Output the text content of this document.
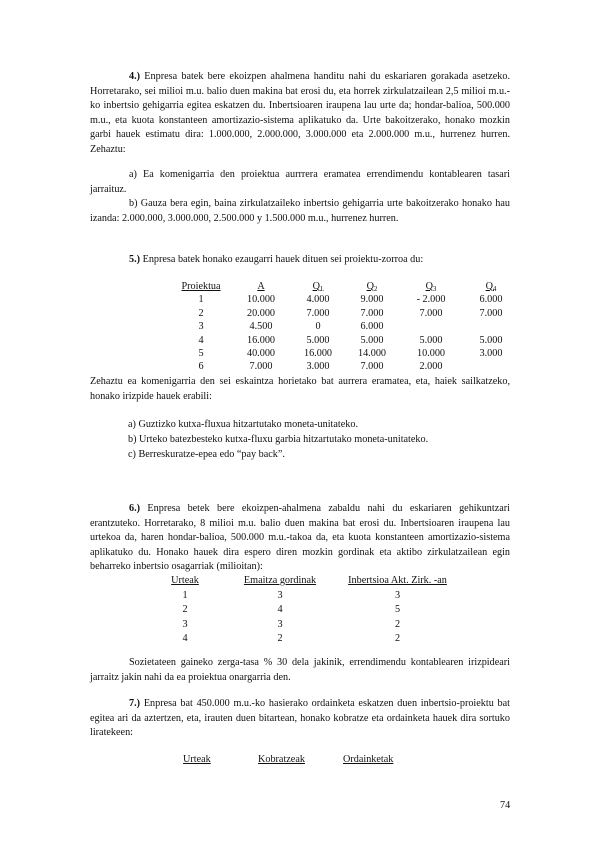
4.) Enpresa batek bere ekoizpen ahalmena handitu nahi du eskariaren gorakada asetzeko. Horretarako, sei milioi m.u. balio duen makina bat erosi du, eta horrek zirkulatzailean 2,5 milioi m.u.-ko inbertsio gehigarria egitea eskatzen du. Inbertsioaren iraupena lau urte da; hondar-balioa, 500.000 m.u., eta kuota konstanteen amortizazio-sistema aplikatuko da. Urte bakoitzerako, honako mozkin garbi hauek estimatu dira: 1.000.000, 2.000.000, 3.000.000 eta 2.000.000 m.u., hurrenez hurren. Zehaztu:

a) Ea komenigarria den proiektua aurrrera eramatea errendimendu kontablearen tasari jarraituz.

b) Gauza bera egin, baina zirkulatzaileko inbertsio gehigarria urte bakoitzerako honako hau izanda: 2.000.000, 3.000.000, 2.500.000 y 1.500.000 m.u., hurrenez hurren.

5.) Enpresa batek honako ezaugarri hauek dituen sei proiektu-zorroa du:

Proiektua	A	$Q_1$	$Q_2$	$Q_3$	$Q_4$
1	10.000	4.000	9.000	- 2.000	6.000
2	20.000	7.000	7.000	7.000	7.000
3	4.500	0	6.000		
4	16.000	5.000	5.000	5.000	5.000
5	40.000	16.000	14.000	10.000	3.000
6	7.000	3.000	7.000	2.000	

Zehaztu ea komenigarria den sei eskaintza horietako bat aurrera eramatea, eta, haiek sailkatzeko, honako irizpide hauek erabili:

a) Guztizko kutxa-fluxua hitzartutako moneta-unitateko.

b) Urteko batezbesteko kutxa-fluxu garbia hitzartutako moneta-unitateko.

c) Berreskuratze-epea edo “pay back”.

6.) Enpresa betek bere ekoizpen-ahalmena zabaldu nahi du eskariaren gehikuntzari erantzuteko. Horretarako, 8 milioi m.u. balio duen makina bat erosi du. Inbertsioaren iraupena lau urtekoa da, haren hondar-balioa, 500.000 m.u.-takoa da, eta kuota konstanteen amortizazio-sistema aplikatuko du. Honako hauek dira espero diren mozkin gordinak eta aktibo zirkulatzailean egin beharreko inbertsio osagarriak (milioitan):

Urteak	Emaitza gordinak	Inbertsioa Akt. Zirk. -an
1	3	3
2	4	5
3	3	2
4	2	2

Sozietateen gaineko zerga-tasa % 30 dela jakinik, errendimendu kontablearen irizpideari jarraitz jakin nahi da ea proiektua onargarria den.

7.) Enpresa bat 450.000 m.u.-ko hasierako ordainketa eskatzen duen inbertsio-proiektu bat egitea ari da aztertzen, eta, irauten duen bitartean, honako kobratze eta ordainketa hauek dira sortuko liratekeen:

Urteak	Kobratzeak	Ordainketak

74
